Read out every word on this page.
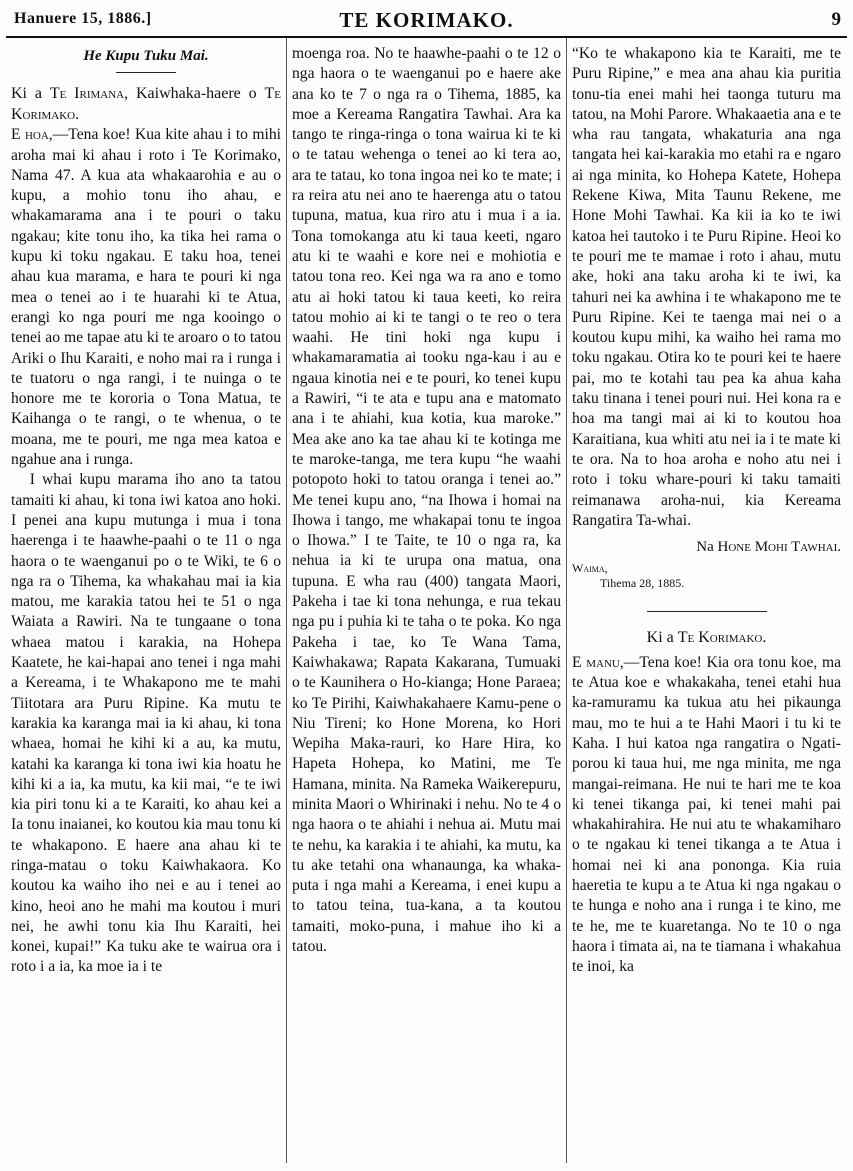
Hanuere 15, 1886.]	TE KORIMAKO.	9
He Kupu Tuku Mai.

Ki a Te Irimana, Kaiwhaka-haere o Te Korimako.

E hoa,—Tena koe! Kua kite ahau i to mihi aroha mai ki ahau i roto i Te Korimako, Nama 47. A kua ata whakaarohia e au o kupu, a mohio tonu iho ahau, e whakamarama ana i te pouri o taku ngakau; kite tonu iho, ka tika hei rama o kupu ki toku ngakau. E taku hoa, tenei ahau kua marama, e hara te pouri ki nga mea o tenei ao i te huarahi ki te Atua, erangi ko nga pouri me nga kooingo o tenei ao me tapae atu ki te aroaro o to tatou Ariki o Ihu Karaiti, e noho mai ra i runga i te tuatoru o nga rangi, i te nuinga o te honore me te kororia o Tona Matua, te Kaihanga o te rangi, o te whenua, o te moana, me te pouri, me nga mea katoa e ngahue ana i runga.

I whai kupu marama iho ano ta tatou tamaiti ki ahau, ki tona iwi katoa ano hoki. I penei ana kupu mutunga i mua i tona haerenga i te haawhe-paahi o te 11 o nga haora o te waenganui po o te Wiki, te 6 o nga ra o Tihema, ka whakahau mai ia kia matou, me karakia tatou hei te 51 o nga Waiata a Rawiri. Na te tungaane o tona whaea matou i karakia, na Hohepa Kaatete, he kai-hapai ano tenei i nga mahi a Kereama, i te Whakapono me te mahi Tiitotara ara Puru Ripine. Ka mutu te karakia ka karanga mai ia ki ahau, ki tona whaea, homai he kihi ki a au, ka mutu, katahi ka karanga ki tona iwi kia hoatu he kihi ki a ia, ka mutu, ka kii mai, “e te iwi kia piri tonu ki a te Karaiti, ko ahau kei a Ia tonu inaianei, ko koutou kia mau tonu ki te whakapono. E haere ana ahau ki te ringa-matau o toku Kaiwhakaora. Ko koutou ka waiho iho nei e au i tenei ao kino, heoi ano he mahi ma koutou i muri nei, he awhi tonu kia Ihu Karaiti, hei konei, kupai!” Ka tuku ake te wairua ora i roto i a ia, ka moe ia i te

moenga roa. No te haawhe-paahi o te 12 o nga haora o te waenganui po e haere ake ana ko te 7 o nga ra o Tihema, 1885, ka moe a Kereama Rangatira Tawhai. Ara ka tango te ringa-ringa o tona wairua ki te ki o te tatau wehenga o tenei ao ki tera ao, ara te tatau, ko tona ingoa nei ko te mate; i ra reira atu nei ano te haerenga atu o tatou tupuna, matua, kua riro atu i mua i a ia. Tona tomokanga atu ki taua keeti, ngaro atu ki te waahi e kore nei e mohiotia e tatou tona reo. Kei nga wa ra ano e tomo atu ai hoki tatou ki taua keeti, ko reira tatou mohio ai ki te tangi o te reo o tera waahi. He tini hoki nga kupu i whakamaramatia ai tooku nga-kau i au e ngaua kinotia nei e te pouri, ko tenei kupu a Rawiri, “i te ata e tupu ana e matomato ana i te ahiahi, kua kotia, kua maroke.” Mea ake ano ka tae ahau ki te kotinga me te maroke-tanga, me tera kupu “he waahi potopoto hoki to tatou oranga i tenei ao.” Me tenei kupu ano, “na Ihowa i homai na Ihowa i tango, me whakapai tonu te ingoa o Ihowa.” I te Taite, te 10 o nga ra, ka nehua ia ki te urupa ona matua, ona tupuna. E wha rau (400) tangata Maori, Pakeha i tae ki tona nehunga, e rua tekau nga pu i puhia ki te taha o te poka. Ko nga Pakeha i tae, ko Te Wana Tama, Kaiwhakawa; Rapata Kakarana, Tumuaki o te Kaunihera o Ho-kianga; Hone Paraea; ko Te Pirihi, Kaiwhakahaere Kamu-pene o Niu Tireni; ko Hone Morena, ko Hori Wepiha Maka-rauri, ko Hare Hira, ko Hapeta Hohepa, ko Matini, me Te Hamana, minita. Na Rameka Waikerepuru, minita Maori o Whirinaki i nehu. No te 4 o nga haora o te ahiahi i nehua ai. Mutu mai te nehu, ka karakia i te ahiahi, ka mutu, ka tu ake tetahi ona whanaunga, ka whaka-puta i nga mahi a Kereama, i enei kupu a to tatou teina, tua-kana, a ta koutou tamaiti, moko-puna, i mahue iho ki a tatou.

“Ko te whakapono kia te Karaiti, me te Puru Ripine,” e mea ana ahau kia puritia tonu-tia enei mahi hei taonga tuturu ma tatou, na Mohi Parore. Whakaaetia ana e te wha rau tangata, whakaturia ana nga tangata hei kai-karakia mo etahi ra e ngaro ai nga minita, ko Hohepa Katete, Hohepa Rekene Kiwa, Mita Taunu Rekene, me Hone Mohi Tawhai. Ka kii ia ko te iwi katoa hei tautoko i te Puru Ripine. Heoi ko te pouri me te mamae i roto i ahau, mutu ake, hoki ana taku aroha ki te iwi, ka tahuri nei ka awhina i te whakapono me te Puru Ripine. Kei te taenga mai nei o a koutou kupu mihi, ka waiho hei rama mo toku ngakau. Otira ko te pouri kei te haere pai, mo te kotahi tau pea ka ahua kaha taku tinana i tenei pouri nui. Hei kona ra e hoa ma tangi mai ai ki to koutou hoa Karaitiana, kua whiti atu nei ia i te mate ki te ora. Na to hoa aroha e noho atu nei i roto i toku whare-pouri ki taku tamaiti reimanawa aroha-nui, kia Kereama Rangatira Ta-whai.

Na Hone Mohi Tawhai.
Waima,
Tihema 28, 1885.
Ki a Te Korimako.

E manu,—Tena koe! Kia ora tonu koe, ma te Atua koe e whakakaha, tenei etahi hua ka-ramuramu ka tukua atu hei pikaunga mau, mo te hui a te Hahi Maori i tu ki te Kaha. I hui katoa nga rangatira o Ngati-porou ki taua hui, me nga minita, me nga mangai-reimana. He nui te hari me te koa ki tenei tikanga pai, ki tenei mahi pai whakahirahira. He nui atu te whakamiharo o te ngakau ki tenei tikanga a te Atua i homai nei ki ana pononga. Kia ruia haeretia te kupu a te Atua ki nga ngakau o te hunga e noho ana i runga i te kino, me te he, me te kuaretanga. No te 10 o nga haora i timata ai, na te tiamana i whakahua te inoi, ka
